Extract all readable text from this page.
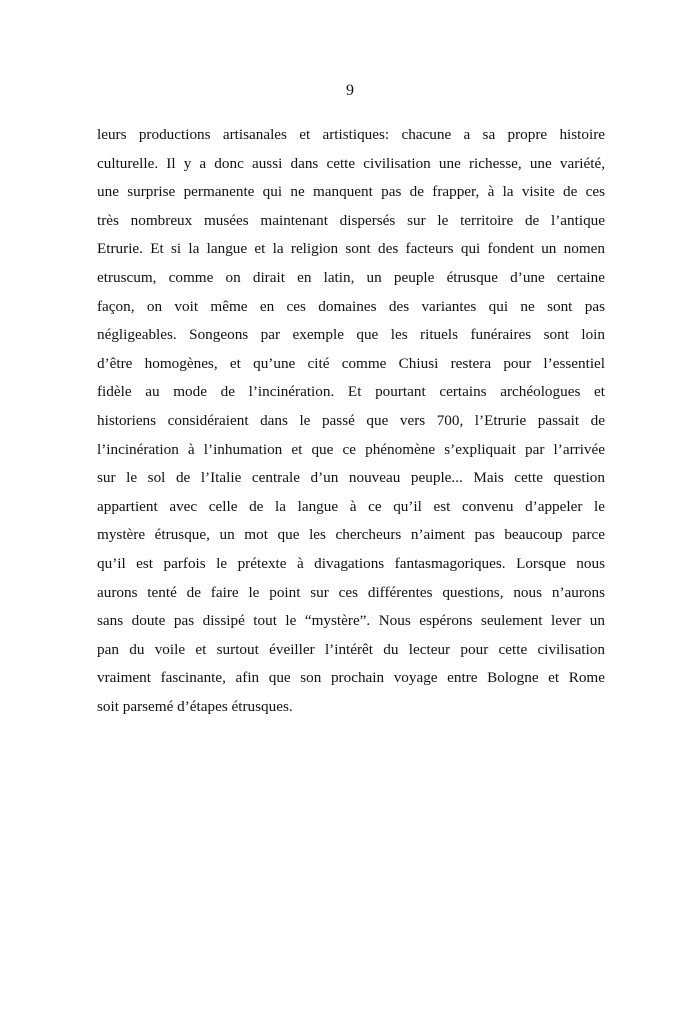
9
leurs productions artisanales et artistiques: chacune a sa propre histoire
culturelle. Il y a donc aussi dans cette civilisation une richesse, une variété,
une surprise permanente qui ne manquent pas de frapper, à la visite de ces
très nombreux musées maintenant dispersés sur le territoire de l’antique
Etrurie. Et si la langue et la religion sont des facteurs qui fondent un nomen
etruscum, comme on dirait en latin, un peuple étrusque d’une certaine
façon, on voit même en ces domaines des variantes qui ne sont pas
négligeables. Songeons par exemple que les rituels funéraires sont loin
d’être homogènes, et qu’une cité comme Chiusi restera pour l’essentiel
fidèle au mode de l’incinération. Et pourtant certains archéologues et
historiens considéraient dans le passé que vers 700, l’Etrurie passait de
l’incinération à l’inhumation et que ce phénomène s’expliquait par l’arrivée
sur le sol de l’Italie centrale d’un nouveau peuple... Mais cette question
appartient avec celle de la langue à ce qu’il est convenu d’appeler le
mystère étrusque, un mot que les chercheurs n’aiment pas beaucoup parce
qu’il est parfois le prétexte à divagations fantasmagoriques. Lorsque nous
aurons tenté de faire le point sur ces différentes questions, nous n’aurons
sans doute pas dissipé tout le “mystère”. Nous espérons seulement lever un
pan du voile et surtout éveiller l’intérêt du lecteur pour cette civilisation
vraiment fascinante, afin que son prochain voyage entre Bologne et Rome
soit parsemé d’étapes étrusques.
